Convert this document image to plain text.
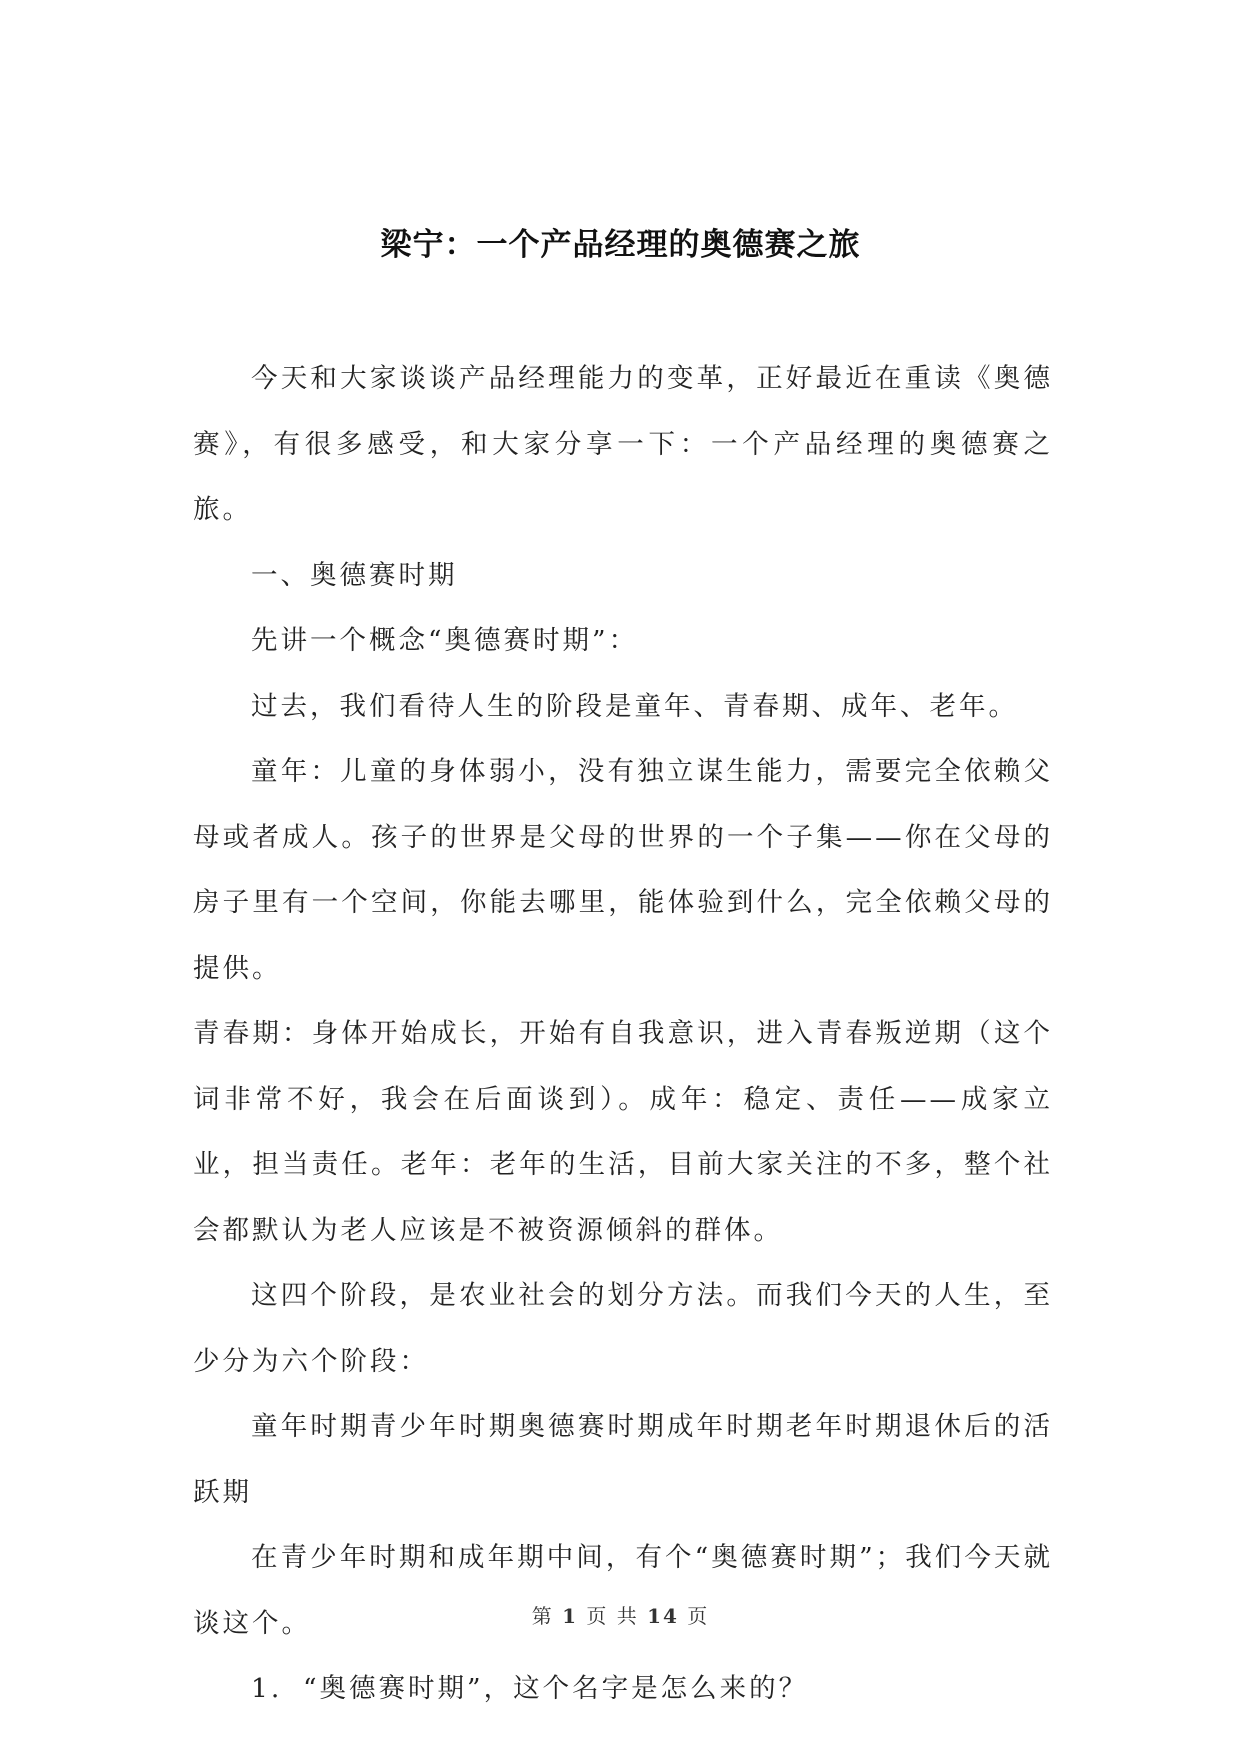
梁宁：一个产品经理的奥德赛之旅

今天和大家谈谈产品经理能力的变革，正好最近在重读《奥德赛》，有很多感受，和大家分享一下：一个产品经理的奥德赛之旅。

一、奥德赛时期

先讲一个概念“奥德赛时期”：

过去，我们看待人生的阶段是童年、青春期、成年、老年。

童年：儿童的身体弱小，没有独立谋生能力，需要完全依赖父母或者成人。孩子的世界是父母的世界的一个子集——你在父母的房子里有一个空间，你能去哪里，能体验到什么，完全依赖父母的提供。

青春期：身体开始成长，开始有自我意识，进入青春叛逆期（这个词非常不好，我会在后面谈到）。成年：稳定、责任——成家立业，担当责任。老年：老年的生活，目前大家关注的不多，整个社会都默认为老人应该是不被资源倾斜的群体。

这四个阶段，是农业社会的划分方法。而我们今天的人生，至少分为六个阶段：

童年时期青少年时期奥德赛时期成年时期老年时期退休后的活跃期

在青少年时期和成年期中间，有个“奥德赛时期”；我们今天就谈这个。

1. “奥德赛时期”，这个名字是怎么来的？

第 1 页 共 14 页
